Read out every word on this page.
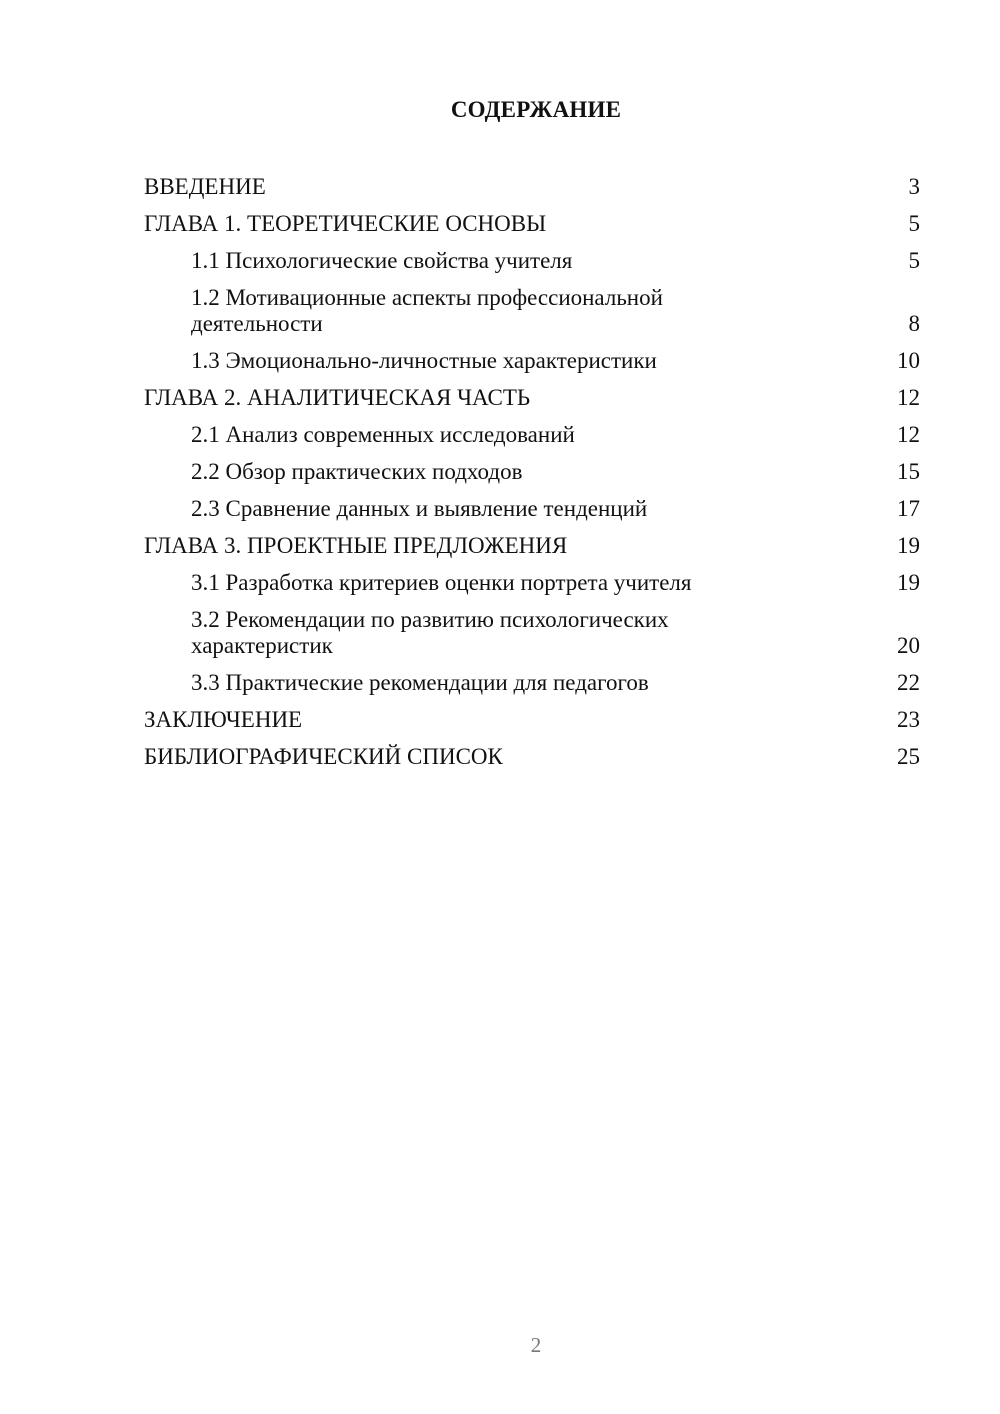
СОДЕРЖАНИЕ
ВВЕДЕНИЕ	3
ГЛАВА 1. ТЕОРЕТИЧЕСКИЕ ОСНОВЫ	5
1.1 Психологические свойства учителя	5
1.2 Мотивационные аспекты профессиональной деятельности	8
1.3 Эмоционально-личностные характеристики	10
ГЛАВА 2. АНАЛИТИЧЕСКАЯ ЧАСТЬ	12
2.1 Анализ современных исследований	12
2.2 Обзор практических подходов	15
2.3 Сравнение данных и выявление тенденций	17
ГЛАВА 3. ПРОЕКТНЫЕ ПРЕДЛОЖЕНИЯ	19
3.1 Разработка критериев оценки портрета учителя	19
3.2 Рекомендации по развитию психологических характеристик	20
3.3 Практические рекомендации для педагогов	22
ЗАКЛЮЧЕНИЕ	23
БИБЛИОГРАФИЧЕСКИЙ СПИСОК	25
2
